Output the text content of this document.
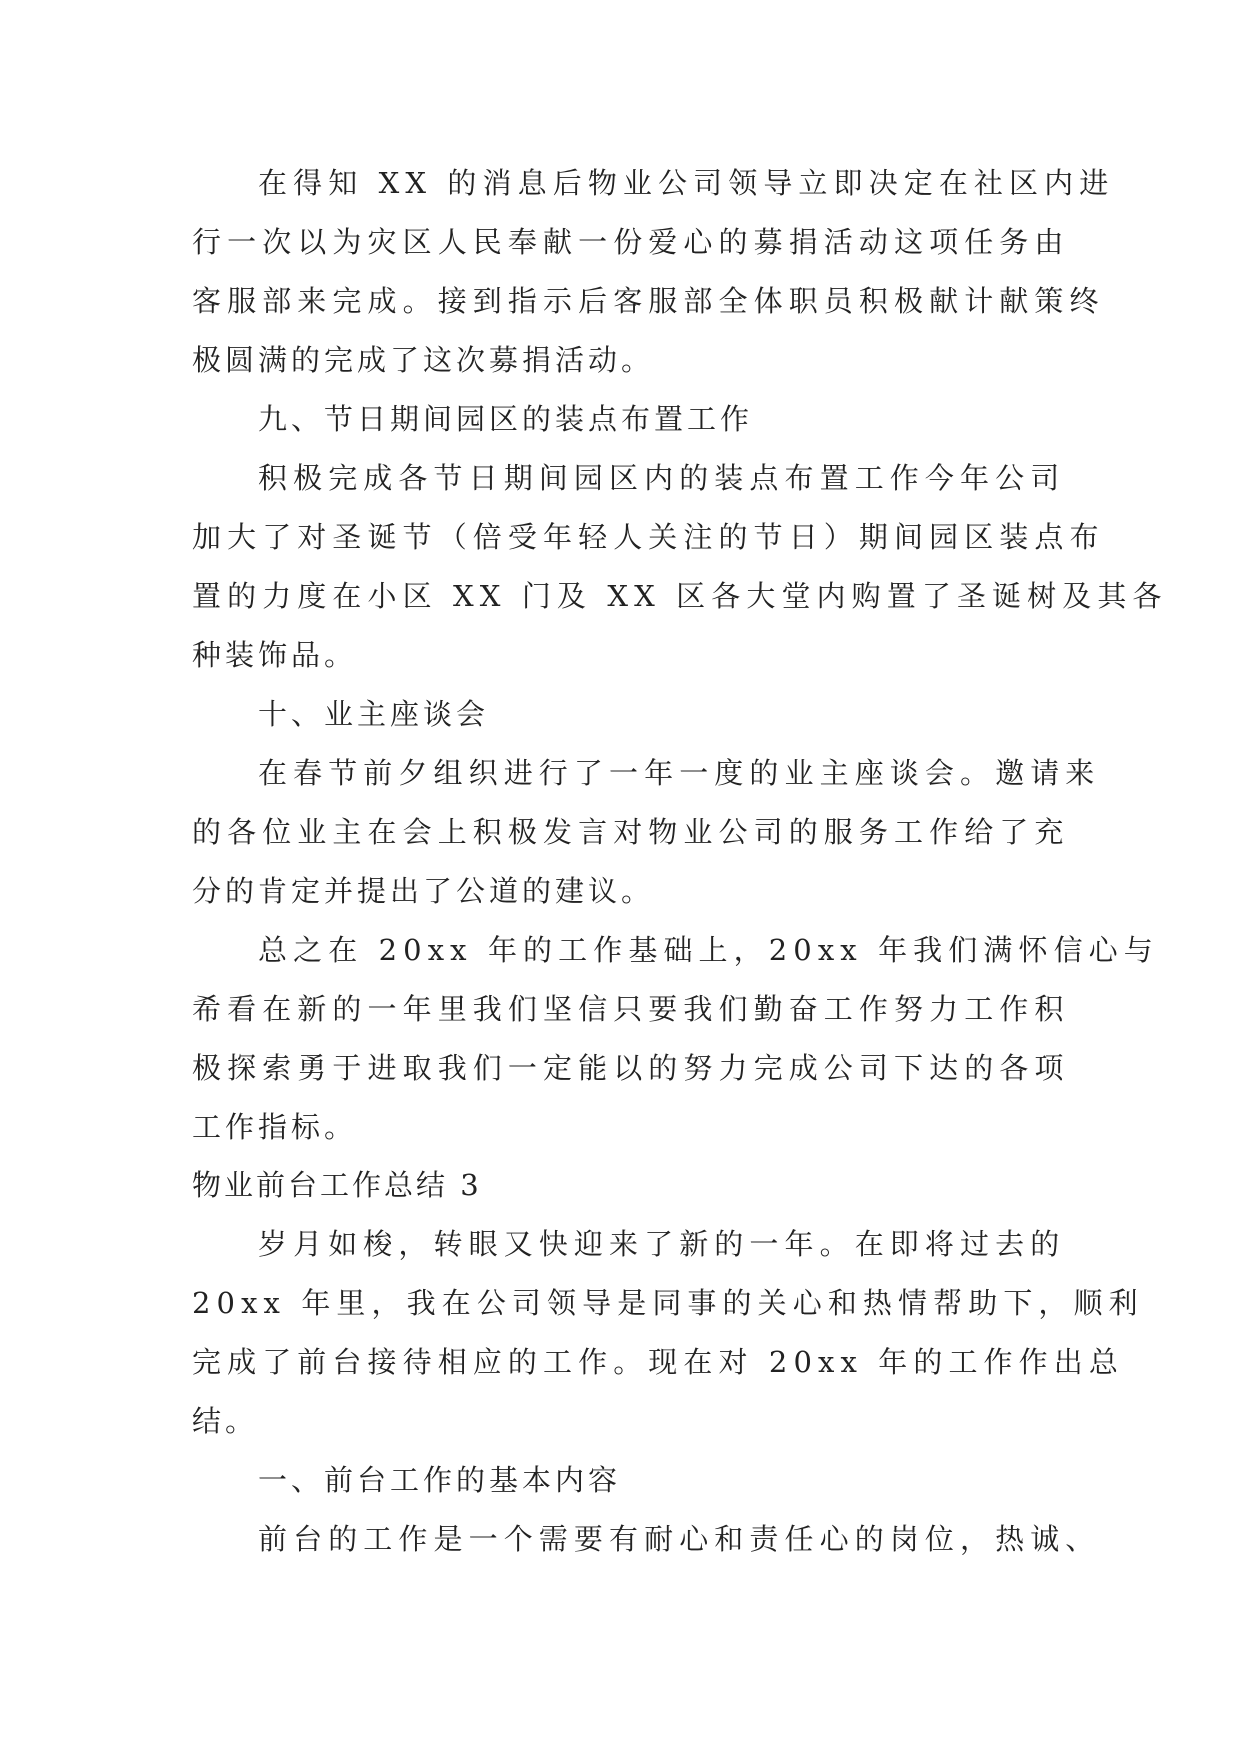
在得知 XX 的消息后物业公司领导立即决定在社区内进
行一次以为灾区人民奉献一份爱心的募捐活动这项任务由
客服部来完成。接到指示后客服部全体职员积极献计献策终
极圆满的完成了这次募捐活动。
九、节日期间园区的装点布置工作
积极完成各节日期间园区内的装点布置工作今年公司
加大了对圣诞节（倍受年轻人关注的节日）期间园区装点布
置的力度在小区 XX 门及 XX 区各大堂内购置了圣诞树及其各
种装饰品。
十、业主座谈会
在春节前夕组织进行了一年一度的业主座谈会。邀请来
的各位业主在会上积极发言对物业公司的服务工作给了充
分的肯定并提出了公道的建议。
总之在 20xx 年的工作基础上，20xx 年我们满怀信心与
希看在新的一年里我们坚信只要我们勤奋工作努力工作积
极探索勇于进取我们一定能以的努力完成公司下达的各项
工作指标。
物业前台工作总结 3
岁月如梭，转眼又快迎来了新的一年。在即将过去的
20xx 年里，我在公司领导是同事的关心和热情帮助下，顺利
完成了前台接待相应的工作。现在对 20xx 年的工作作出总
结。
一、前台工作的基本内容
前台的工作是一个需要有耐心和责任心的岗位，热诚、
